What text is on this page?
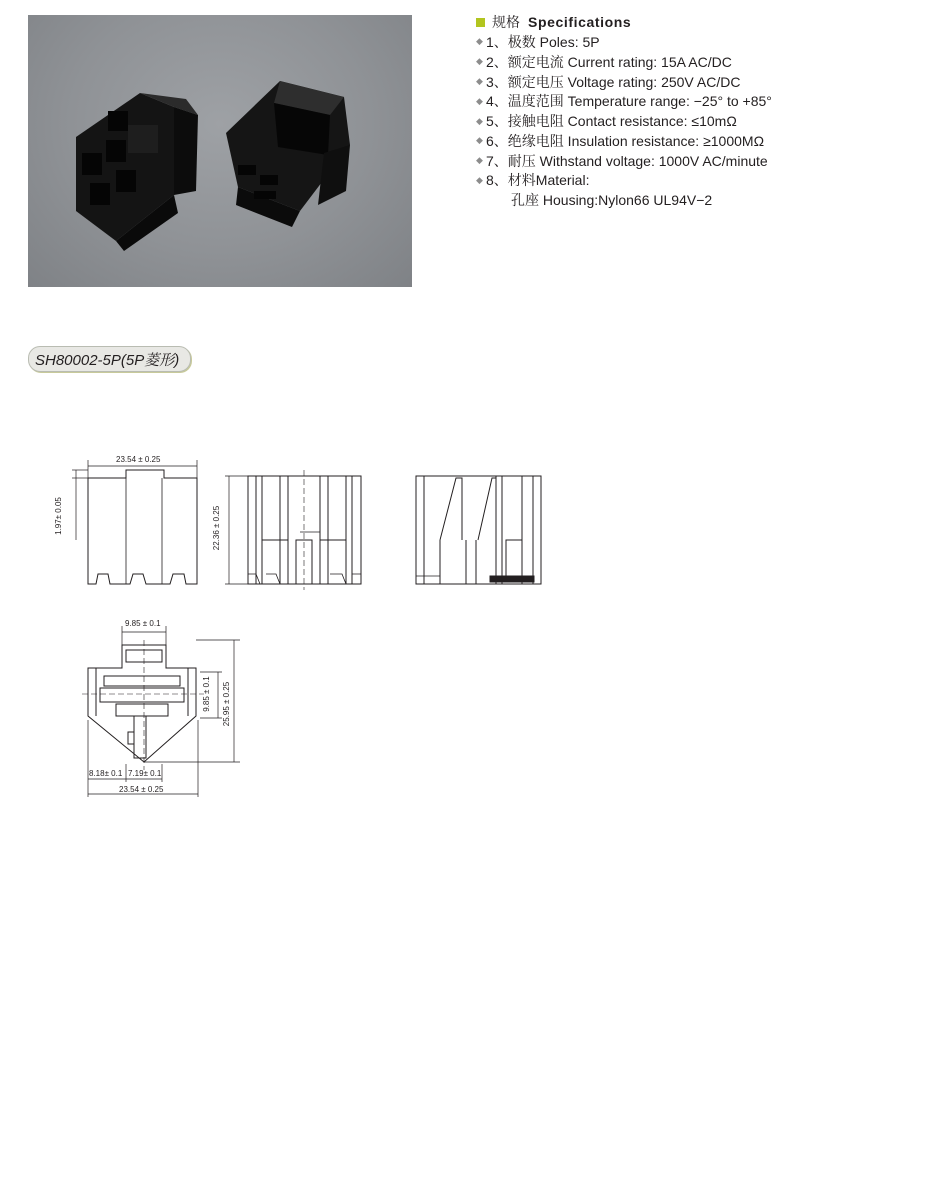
规格 Specifications
◆ 1、极数 Poles: 5P
◆ 2、额定电流 Current rating: 15A AC/DC
◆ 3、额定电压 Voltage rating: 250V AC/DC
◆ 4、温度范围 Temperature range: −25° to +85°
◆ 5、接触电阻 Contact resistance: ≤10mΩ
◆ 6、绝缘电阻 Insulation resistance: ≥1000MΩ
◆ 7、耐压 Withstand voltage: 1000V AC/minute
◆ 8、材料Material:
孔座 Housing:Nylon66 UL94V−2
SH80002-5P(5P菱形)
23.54 ± 0.25
1.97± 0.05	22.36 ± 0.25
9.85 ± 0.1
9.85 ± 0.1 25.95 ± 0.25
8.18± 0.1 7.19± 0.1
23.54 ± 0.25
